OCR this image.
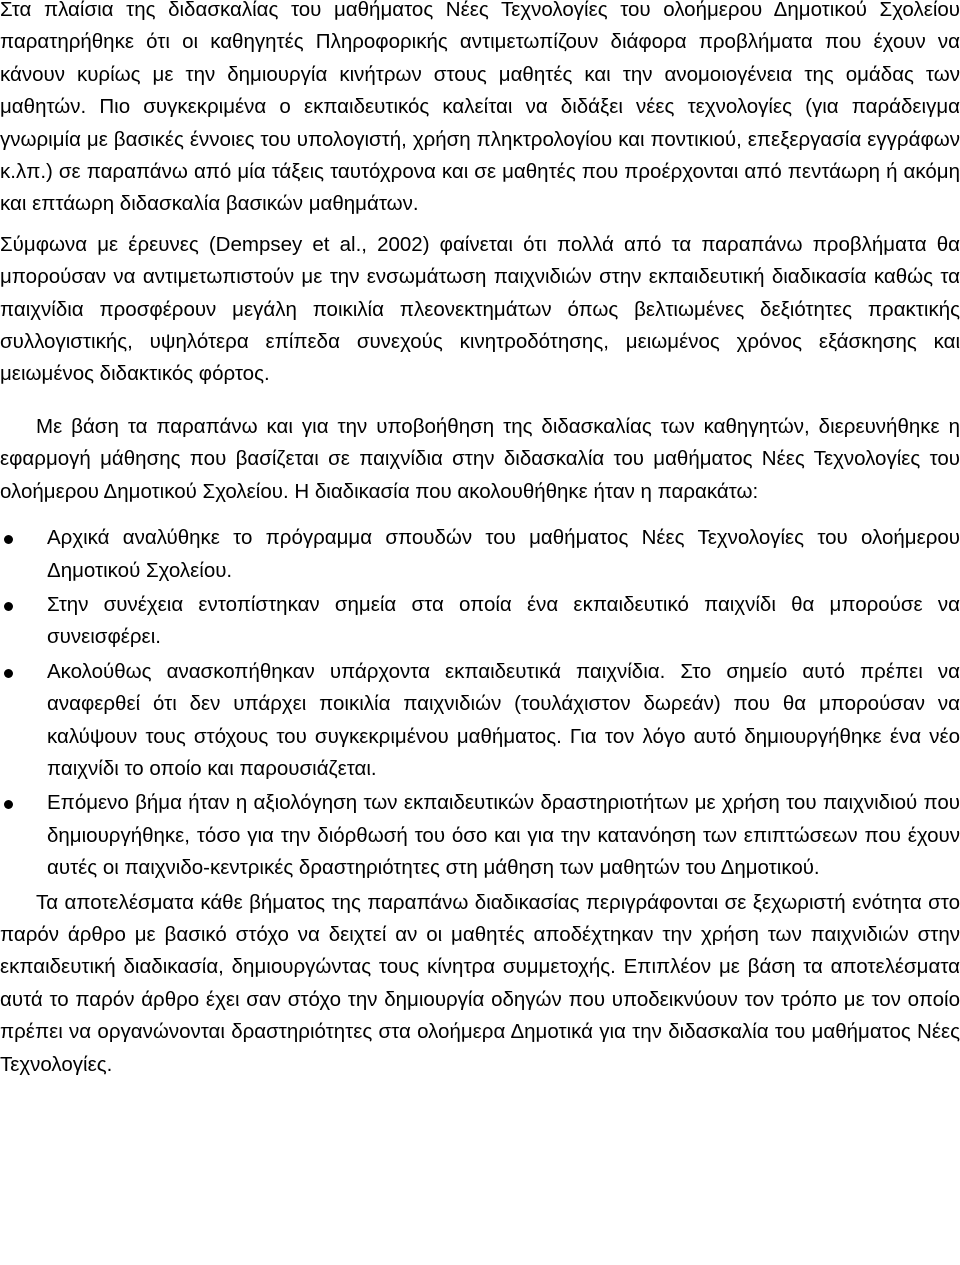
Στα πλαίσια της διδασκαλίας του μαθήματος Νέες Τεχνολογίες του ολοήμερου Δημοτικού Σχολείου παρατηρήθηκε ότι οι καθηγητές Πληροφορικής αντιμετωπίζουν διάφορα προβλήματα που έχουν να κάνουν κυρίως με την δημιουργία κινήτρων στους μαθητές και την ανομοιογένεια της ομάδας των μαθητών. Πιο συγκεκριμένα ο εκπαιδευτικός καλείται να διδάξει νέες τεχνολογίες (για παράδειγμα γνωριμία με βασικές έννοιες του υπολογιστή, χρήση πληκτρολογίου και ποντικιού, επεξεργασία εγγράφων κ.λπ.) σε παραπάνω από μία τάξεις ταυτόχρονα και σε μαθητές που προέρχονται από πεντάωρη ή ακόμη και επτάωρη διδασκαλία βασικών μαθημάτων.

Σύμφωνα με έρευνες (Dempsey et al., 2002) φαίνεται ότι πολλά από τα παραπάνω προβλήματα θα μπορούσαν να αντιμετωπιστούν με την ενσωμάτωση παιχνιδιών στην εκπαιδευτική διαδικασία καθώς τα παιχνίδια προσφέρουν μεγάλη ποικιλία πλεονεκτημάτων όπως βελτιωμένες δεξιότητες πρακτικής συλλογιστικής, υψηλότερα επίπεδα συνεχούς κινητροδότησης, μειωμένος χρόνος εξάσκησης και μειωμένος διδακτικός φόρτος.

Με βάση τα παραπάνω και για την υποβοήθηση της διδασκαλίας των καθηγητών, διερευνήθηκε η εφαρμογή μάθησης που βασίζεται σε παιχνίδια στην διδασκαλία του μαθήματος Νέες Τεχνολογίες του ολοήμερου Δημοτικού Σχολείου. Η διαδικασία που ακολουθήθηκε ήταν η παρακάτω:

Αρχικά αναλύθηκε το πρόγραμμα σπουδών του μαθήματος Νέες Τεχνολογίες του ολοήμερου Δημοτικού Σχολείου.
Στην συνέχεια εντοπίστηκαν σημεία στα οποία ένα εκπαιδευτικό παιχνίδι θα μπορούσε να συνεισφέρει.
Ακολούθως ανασκοπήθηκαν υπάρχοντα εκπαιδευτικά παιχνίδια. Στο σημείο αυτό πρέπει να αναφερθεί ότι δεν υπάρχει ποικιλία παιχνιδιών (τουλάχιστον δωρεάν) που θα μπορούσαν να καλύψουν τους στόχους του συγκεκριμένου μαθήματος. Για τον λόγο αυτό δημιουργήθηκε ένα νέο παιχνίδι το οποίο και παρουσιάζεται.
Επόμενο βήμα ήταν η αξιολόγηση των εκπαιδευτικών δραστηριοτήτων με χρήση του παιχνιδιού που δημιουργήθηκε, τόσο για την διόρθωσή του όσο και για την κατανόηση των επιπτώσεων που έχουν αυτές οι παιχνιδο-κεντρικές δραστηριότητες στη μάθηση των μαθητών του Δημοτικού.

Τα αποτελέσματα κάθε βήματος της παραπάνω διαδικασίας περιγράφονται σε ξεχωριστή ενότητα στο παρόν άρθρο με βασικό στόχο να δειχτεί αν οι μαθητές αποδέχτηκαν την χρήση των παιχνιδιών στην εκπαιδευτική διαδικασία, δημιουργώντας τους κίνητρα συμμετοχής. Επιπλέον με βάση τα αποτελέσματα αυτά το παρόν άρθρο έχει σαν στόχο την δημιουργία οδηγών που υποδεικνύουν τον τρόπο με τον οποίο πρέπει να οργανώνονται δραστηριότητες στα ολοήμερα Δημοτικά για την διδασκαλία του μαθήματος Νέες Τεχνολογίες.
